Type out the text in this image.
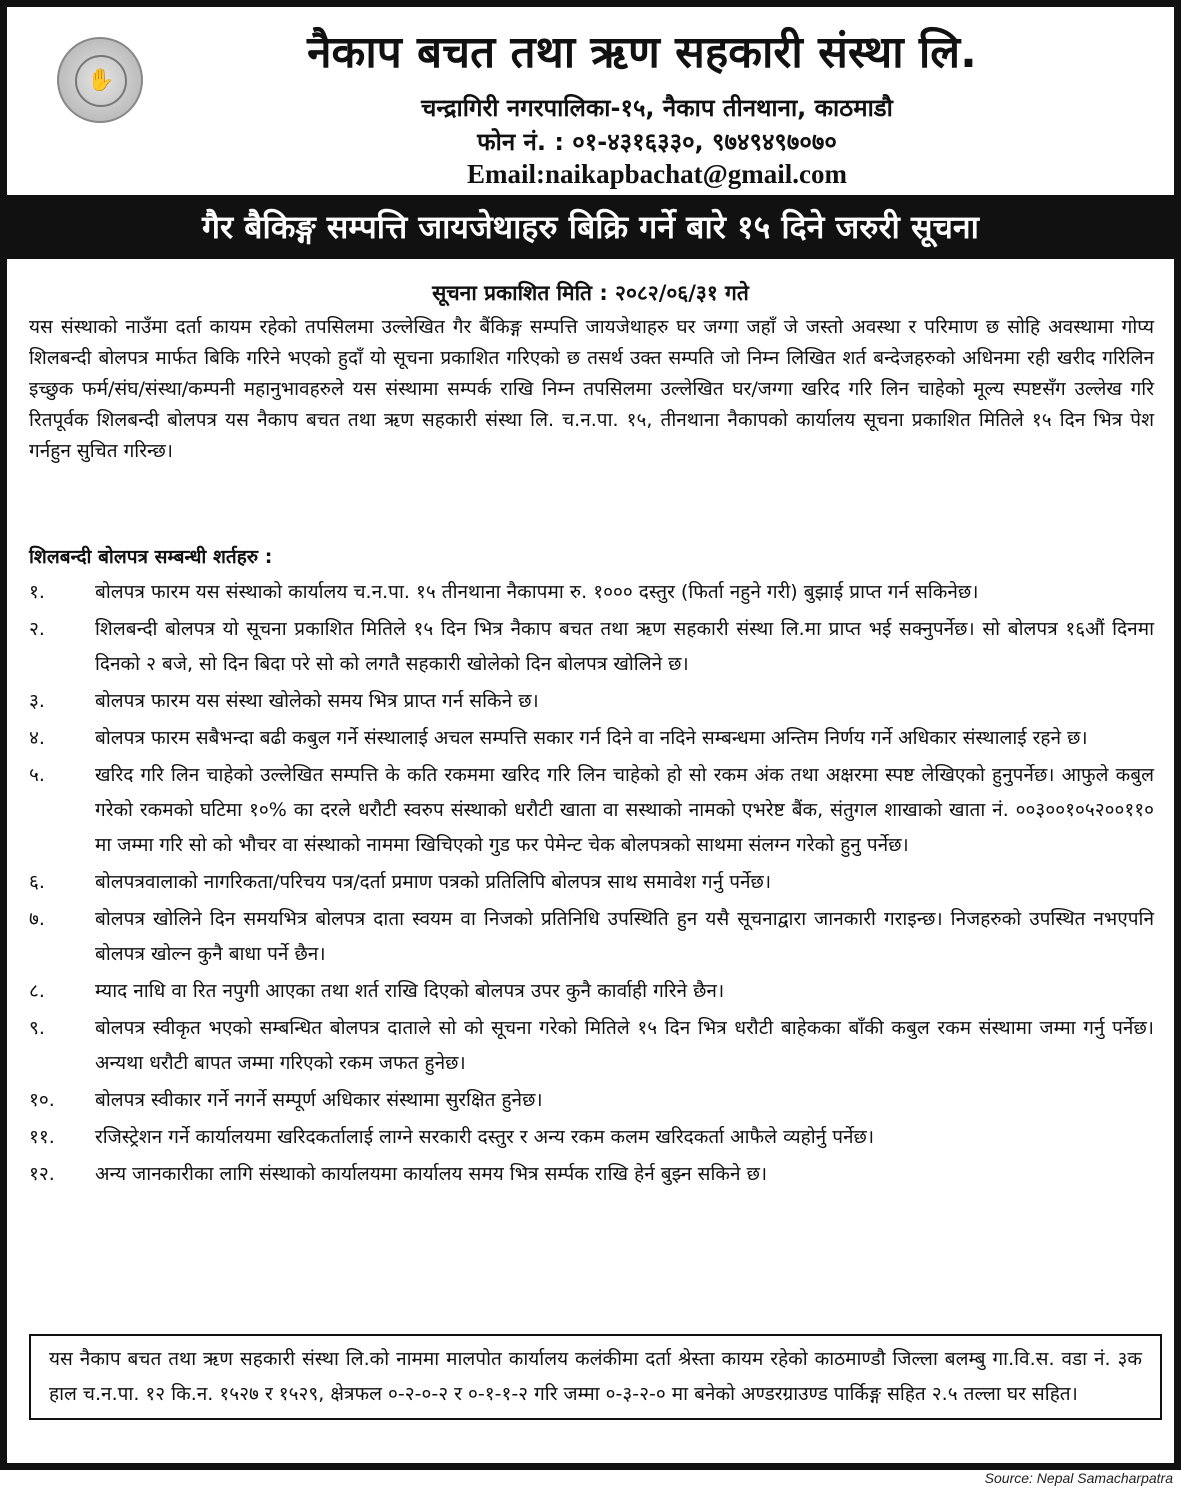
✋
नैकाप बचत तथा ऋण सहकारी संस्था लि.
चन्द्रागिरी नगरपालिका-१५, नैकाप तीनथाना, काठमाडौ
फोन नं. : ०१-४३१६३३०, ९७४९४९७०७०
Email:naikapbachat@gmail.com
गैर बैकिङ्ग सम्पत्ति जायजेथाहरु बिक्रि गर्ने बारे १५ दिने जरुरी सूचना
सूचना प्रकाशित मिति : २०८२/०६/३१ गते
यस संस्थाको नाउँमा दर्ता कायम रहेको तपसिलमा उल्लेखित गैर बैंकिङ्ग सम्पत्ति जायजेथाहरु घर जग्गा जहाँ जे जस्तो अवस्था र परिमाण छ सोहि अवस्थामा गोप्य शिलबन्दी बोलपत्र मार्फत बिकि गरिने भएको हुदाँ यो सूचना प्रकाशित गरिएको छ तसर्थ उक्त सम्पति जो निम्न लिखित शर्त बन्देजहरुको अधिनमा रही खरीद गरिलिन इच्छुक फर्म/संघ/संस्था/कम्पनी महानुभावहरुले यस संस्थामा सम्पर्क राखि निम्न तपसिलमा उल्लेखित घर/जग्गा खरिद गरि लिन चाहेको मूल्य स्पष्टसँग उल्लेख गरि रितपूर्वक शिलबन्दी बोलपत्र यस नैकाप बचत तथा ऋण सहकारी संस्था लि. च.न.पा. १५, तीनथाना नैकापको कार्यालय सूचना प्रकाशित मितिले १५ दिन भित्र पेश गर्नहुन सुचित गरिन्छ।
शिलबन्दी बोलपत्र सम्बन्धी शर्तहरु :
१.	बोलपत्र फारम यस संस्थाको कार्यालय च.न.पा. १५ तीनथाना नैकापमा रु. १००० दस्तुर (फिर्ता नहुने गरी) बुझाई प्राप्त गर्न सकिनेछ।
२.	शिलबन्दी बोलपत्र यो सूचना प्रकाशित मितिले १५ दिन भित्र नैकाप बचत तथा ऋण सहकारी संस्था लि.मा प्राप्त भई सक्नुपर्नेछ। सो बोलपत्र १६औं दिनमा दिनको २ बजे, सो दिन बिदा परे सो को लगतै सहकारी खोलेको दिन बोलपत्र खोलिने छ।
३.	बोलपत्र फारम यस संस्था खोलेको समय भित्र प्राप्त गर्न सकिने छ।
४.	बोलपत्र फारम सबैभन्दा बढी कबुल गर्ने संस्थालाई अचल सम्पत्ति सकार गर्न दिने वा नदिने सम्बन्धमा अन्तिम निर्णय गर्ने अधिकार संस्थालाई रहने छ।
५.	खरिद गरि लिन चाहेको उल्लेखित सम्पत्ति के कति रकममा खरिद गरि लिन चाहेको हो सो रकम अंक तथा अक्षरमा स्पष्ट लेखिएको हुनुपर्नेछ। आफुले कबुल गरेको रकमको घटिमा १०% का दरले धरौटी स्वरुप संस्थाको धरौटी खाता वा सस्थाको नामको एभरेष्ट बैंक, संतुगल शाखाको खाता नं. ००३००१०५२००११० मा जम्मा गरि सो को भौचर वा संस्थाको नाममा खिचिएको गुड फर पेमेन्ट चेक बोलपत्रको साथमा संलग्न गरेको हुनु पर्नेछ।
६.	बोलपत्रवालाको नागरिकता/परिचय पत्र/दर्ता प्रमाण पत्रको प्रतिलिपि बोलपत्र साथ समावेश गर्नु पर्नेछ।
७.	बोलपत्र खोलिने दिन समयभित्र बोलपत्र दाता स्वयम वा निजको प्रतिनिधि उपस्थिति हुन यसै सूचनाद्वारा जानकारी गराइन्छ। निजहरुको उपस्थित नभएपनि बोलपत्र खोल्न कुनै बाधा पर्ने छैन।
८.	म्याद नाधि वा रित नपुगी आएका तथा शर्त राखि दिएको बोलपत्र उपर कुनै कार्वाही गरिने छैन।
९.	बोलपत्र स्वीकृत भएको सम्बन्धित बोलपत्र दाताले सो को सूचना गरेको मितिले १५ दिन भित्र धरौटी बाहेकका बाँकी कबुल रकम संस्थामा जम्मा गर्नु पर्नेछ। अन्यथा धरौटी बापत जम्मा गरिएको रकम जफत हुनेछ।
१०.	बोलपत्र स्वीकार गर्ने नगर्ने सम्पूर्ण अधिकार संस्थामा सुरक्षित हुनेछ।
११.	रजिस्ट्रेशन गर्ने कार्यालयमा खरिदकर्तालाई लाग्ने सरकारी दस्तुर र अन्य रकम कलम खरिदकर्ता आफैले व्यहोर्नु पर्नेछ।
१२.	अन्य जानकारीका लागि संस्थाको कार्यालयमा कार्यालय समय भित्र सर्म्पक राखि हेर्न बुझ्न सकिने छ।
यस नैकाप बचत तथा ऋण सहकारी संस्था लि.को नाममा मालपोत कार्यालय कलंकीमा दर्ता श्रेस्ता कायम रहेको काठमाण्डौ जिल्ला बलम्बु गा.वि.स. वडा नं. ३क हाल च.न.पा. १२ कि.न. १५२७ र १५२९, क्षेत्रफल ०-२-०-२ र ०-१-१-२ गरि जम्मा ०-३-२-० मा बनेको अण्डरग्राउण्ड पार्किङ्ग सहित २.५ तल्ला घर सहित।
Source: Nepal Samacharpatra
